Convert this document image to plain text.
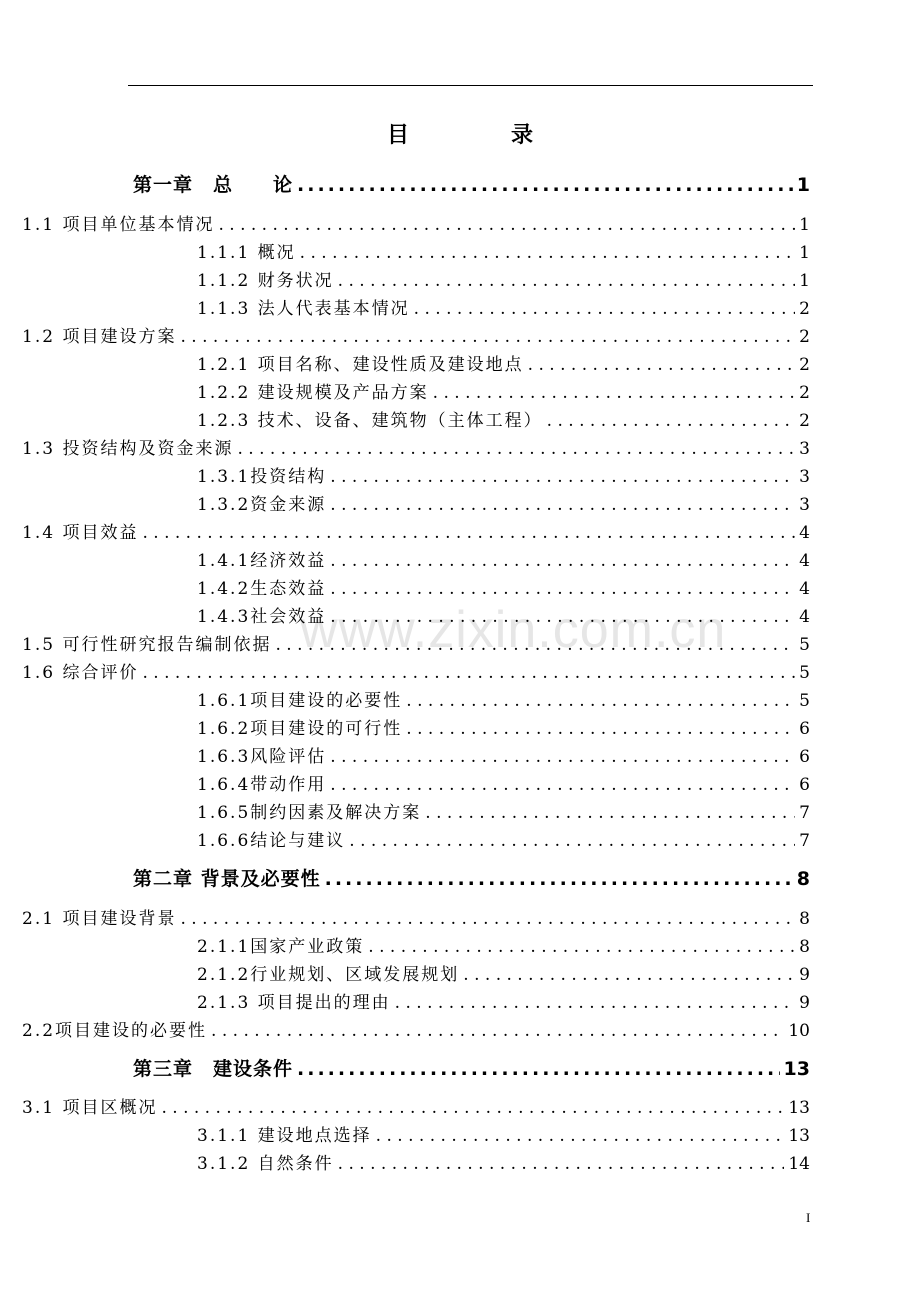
www.zixin.com.cn
目　录
第一章　总　　论 .....	1
1.1 项目单位基本情况 . . .	1
1.1.1 概况 . . .	1
1.1.2 财务状况 . . .	1
1.1.3 法人代表基本情况 . . .	2
1.2 项目建设方案 . . .	2
1.2.1 项目名称、建设性质及建设地点 . . .	2
1.2.2 建设规模及产品方案 . . .	2
1.2.3 技术、设备、建筑物（主体工程） . . .	2
1.3 投资结构及资金来源 . . .	3
1.3.1投资结构 . . .	3
1.3.2资金来源 . . .	3
1.4 项目效益 . . .	4
1.4.1经济效益 . . .	4
1.4.2生态效益 . . .	4
1.4.3社会效益 . . .	4
1.5 可行性研究报告编制依据 . . .	5
1.6 综合评价 . . .	5
1.6.1项目建设的必要性 . . .	5
1.6.2项目建设的可行性 . . .	6
1.6.3风险评估 . . .	6
1.6.4带动作用 . . .	6
1.6.5制约因素及解决方案 . . .	7
1.6.6结论与建议 . . .	7
第二章 背景及必要性 .....	8
2.1 项目建设背景 . . .	8
2.1.1国家产业政策 . . .	8
2.1.2行业规划、区域发展规划 . . .	9
2.1.3 项目提出的理由 . . .	9
2.2项目建设的必要性 . . .	10
第三章　建设条件 .....	13
3.1 项目区概况 . . .	13
3.1.1 建设地点选择 . . .	13
3.1.2 自然条件 . . .	14
I
